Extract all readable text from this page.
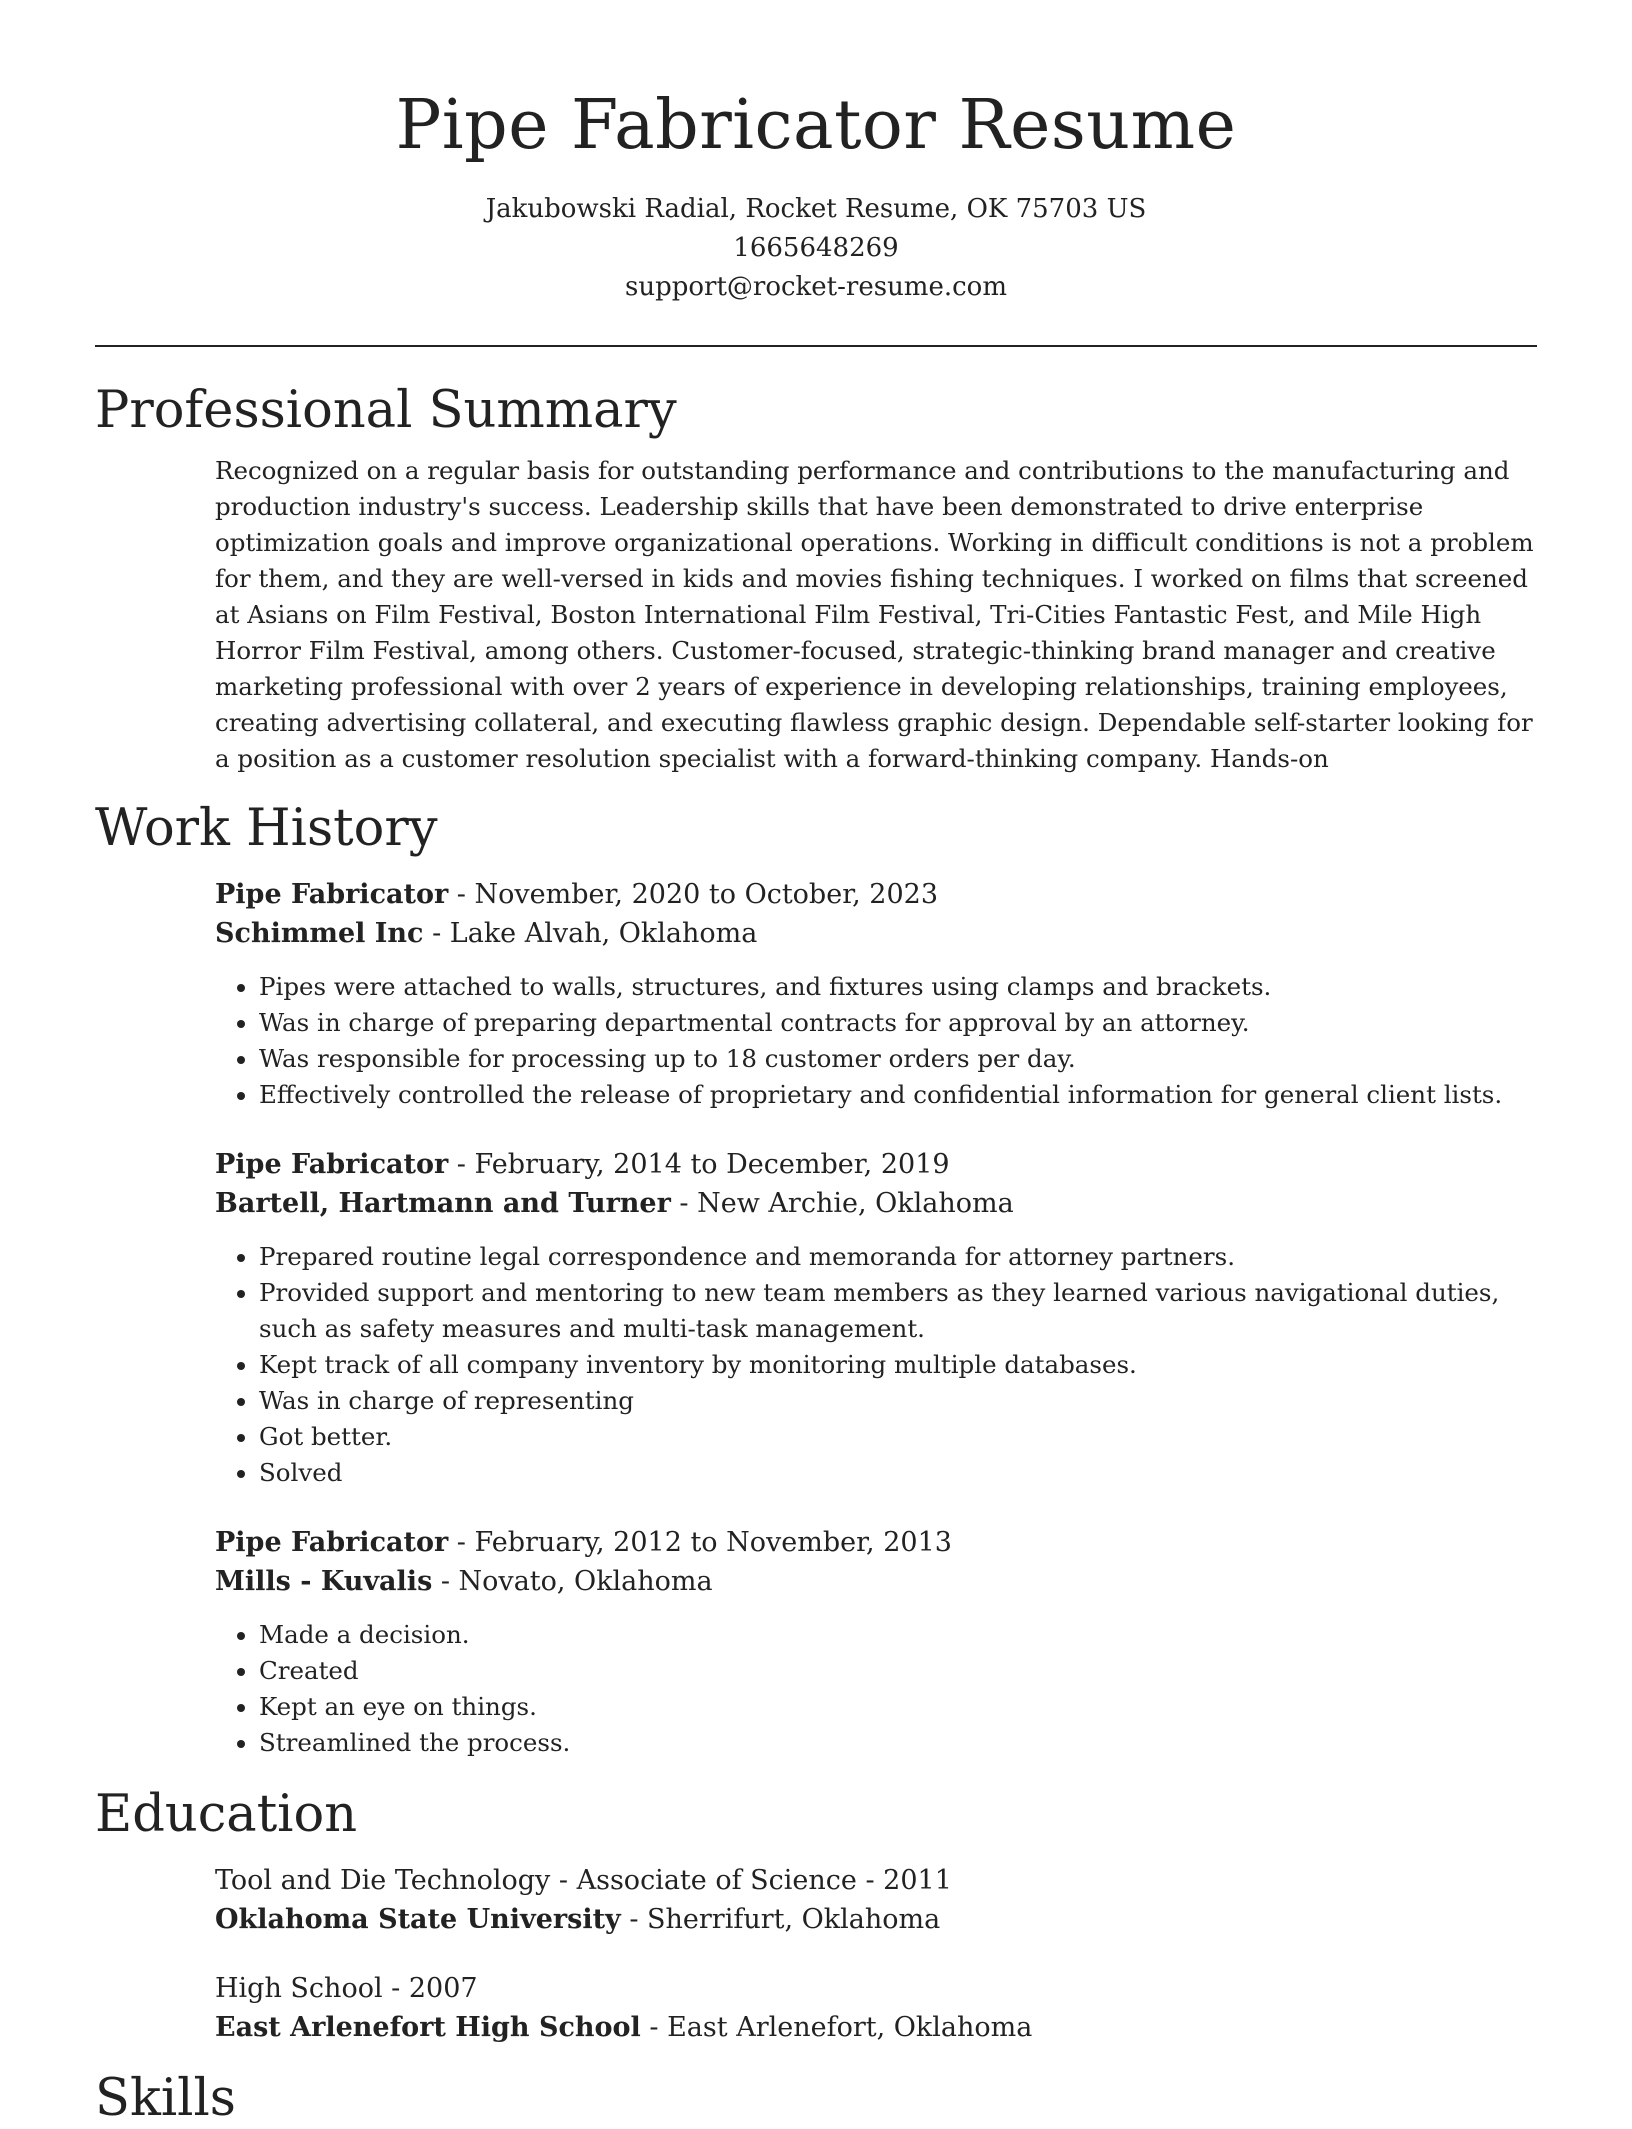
Pipe Fabricator Resume
Jakubowski Radial, Rocket Resume, OK 75703 US
1665648269
support@rocket-resume.com
Professional Summary
Recognized on a regular basis for outstanding performance and contributions to the manufacturing and production industry's success. Leadership skills that have been demonstrated to drive enterprise optimization goals and improve organizational operations. Working in difficult conditions is not a problem for them, and they are well-versed in kids and movies fishing techniques. I worked on films that screened at Asians on Film Festival, Boston International Film Festival, Tri-Cities Fantastic Fest, and Mile High Horror Film Festival, among others. Customer-focused, strategic-thinking brand manager and creative marketing professional with over 2 years of experience in developing relationships, training employees, creating advertising collateral, and executing flawless graphic design. Dependable self-starter looking for a position as a customer resolution specialist with a forward-thinking company. Hands-on
Work History
Pipe Fabricator - November, 2020 to October, 2023
Schimmel Inc - Lake Alvah, Oklahoma
• Pipes were attached to walls, structures, and fixtures using clamps and brackets.
• Was in charge of preparing departmental contracts for approval by an attorney.
• Was responsible for processing up to 18 customer orders per day.
• Effectively controlled the release of proprietary and confidential information for general client lists.
Pipe Fabricator - February, 2014 to December, 2019
Bartell, Hartmann and Turner - New Archie, Oklahoma
• Prepared routine legal correspondence and memoranda for attorney partners.
• Provided support and mentoring to new team members as they learned various navigational duties, such as safety measures and multi-task management.
• Kept track of all company inventory by monitoring multiple databases.
• Was in charge of representing
• Got better.
• Solved
Pipe Fabricator - February, 2012 to November, 2013
Mills - Kuvalis - Novato, Oklahoma
• Made a decision.
• Created
• Kept an eye on things.
• Streamlined the process.
Education
Tool and Die Technology - Associate of Science - 2011
Oklahoma State University - Sherrifurt, Oklahoma
High School - 2007
East Arlenefort High School - East Arlenefort, Oklahoma
Skills
